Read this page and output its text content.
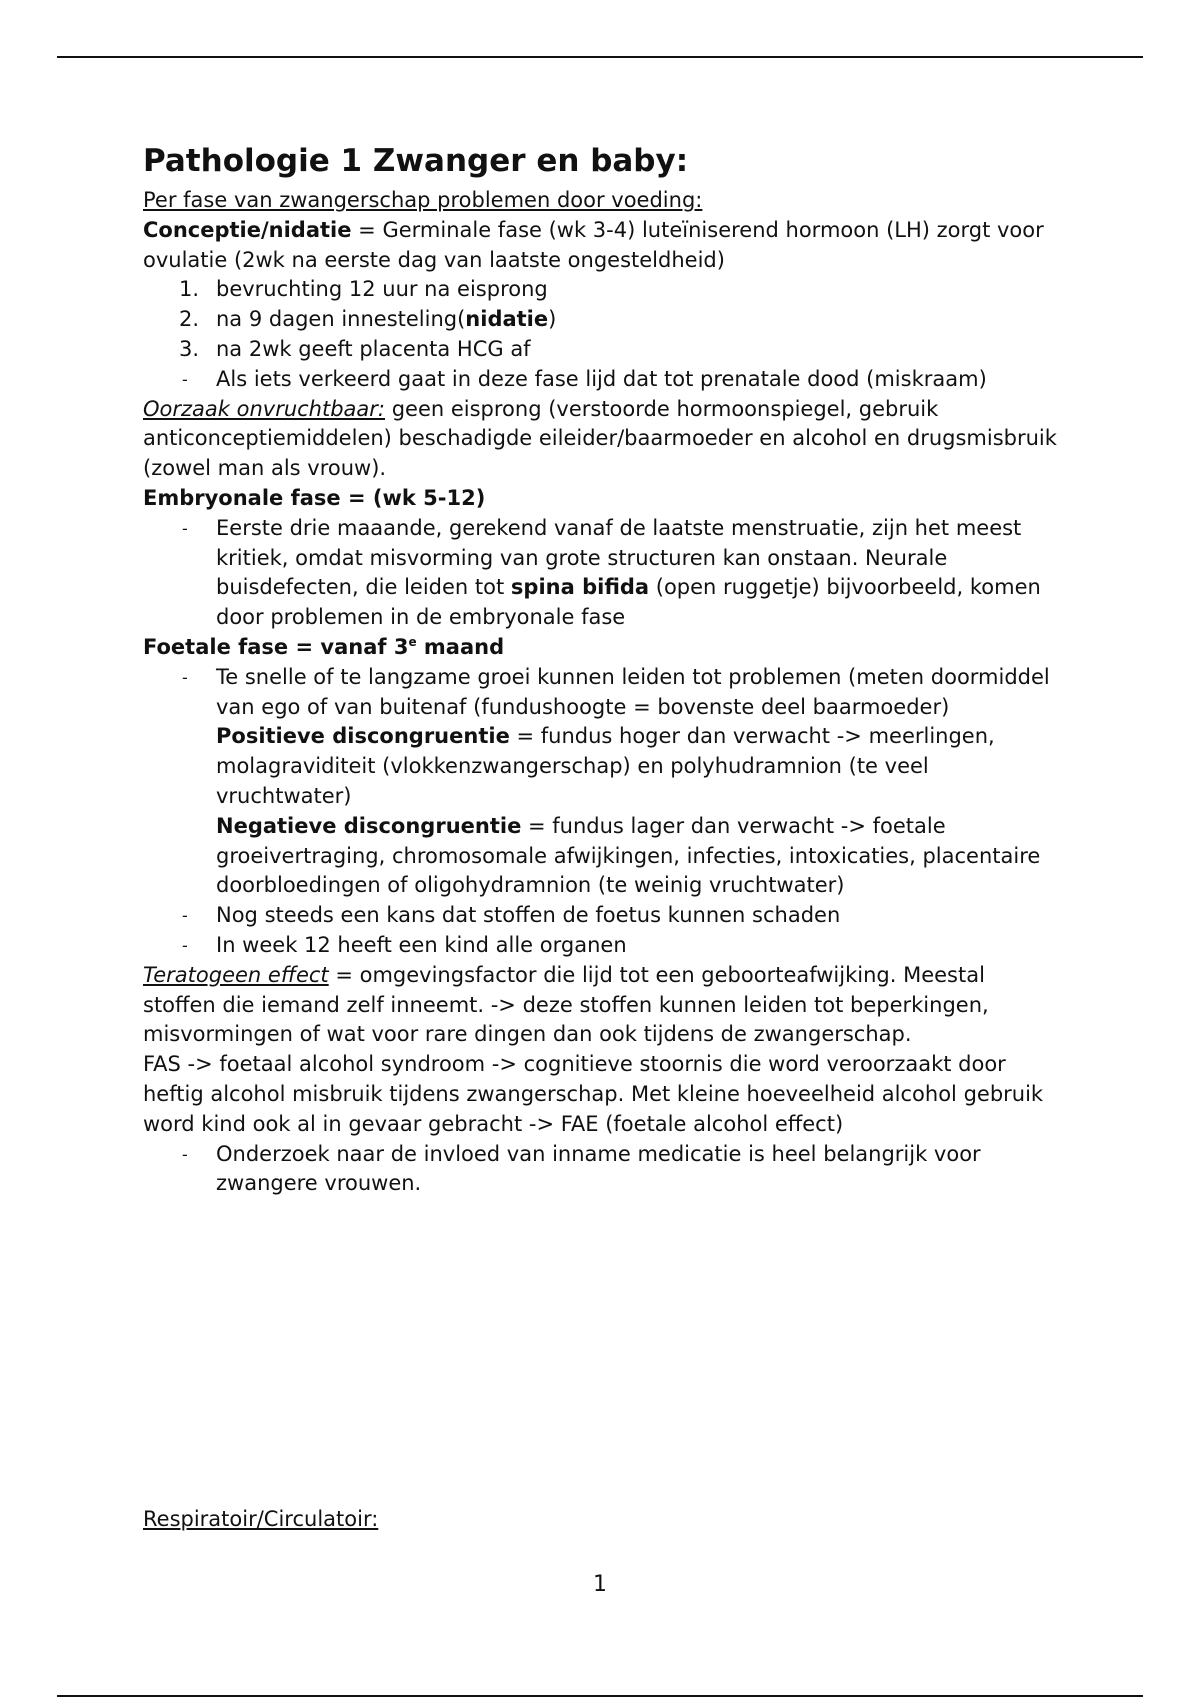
Pathologie 1 Zwanger en baby:

Per fase van zwangerschap problemen door voeding:

Conceptie/nidatie = Germinale fase (wk 3-4) luteïniserend hormoon (LH) zorgt voor ovulatie (2wk na eerste dag van laatste ongesteldheid)

1. bevruchting 12 uur na eisprong
2. na 9 dagen innesteling(nidatie)
3. na 2wk geeft placenta HCG af
- Als iets verkeerd gaat in deze fase lijd dat tot prenatale dood (miskraam)

Oorzaak onvruchtbaar: geen eisprong (verstoorde hormoonspiegel, gebruik anticonceptiemiddelen) beschadigde eileider/baarmoeder en alcohol en drugsmisbruik (zowel man als vrouw).

Embryonale fase = (wk 5-12)

- Eerste drie maaande, gerekend vanaf de laatste menstruatie, zijn het meest kritiek, omdat misvorming van grote structuren kan onstaan. Neurale buisdefecten, die leiden tot spina bifida (open ruggetje) bijvoorbeeld, komen door problemen in de embryonale fase

Foetale fase = vanaf 3e maand

- Te snelle of te langzame groei kunnen leiden tot problemen (meten doormiddel van ego of van buitenaf (fundushoogte = bovenste deel baarmoeder)
Positieve discongruentie = fundus hoger dan verwacht -> meerlingen, molagraviditeit (vlokkenzwangerschap) en polyhudramnion (te veel vruchtwater)
Negatieve discongruentie = fundus lager dan verwacht -> foetale groeivertraging, chromosomale afwijkingen, infecties, intoxicaties, placentaire doorbloedingen of oligohydramnion (te weinig vruchtwater)
- Nog steeds een kans dat stoffen de foetus kunnen schaden
- In week 12 heeft een kind alle organen

Teratogeen effect = omgevingsfactor die lijd tot een geboorteafwijking. Meestal stoffen die iemand zelf inneemt. -> deze stoffen kunnen leiden tot beperkingen, misvormingen of wat voor rare dingen dan ook tijdens de zwangerschap.

FAS -> foetaal alcohol syndroom -> cognitieve stoornis die word veroorzaakt door heftig alcohol misbruik tijdens zwangerschap. Met kleine hoeveelheid alcohol gebruik word kind ook al in gevaar gebracht -> FAE (foetale alcohol effect)

- Onderzoek naar de invloed van inname medicatie is heel belangrijk voor zwangere vrouwen.

Respiratoir/Circulatoir:

1
